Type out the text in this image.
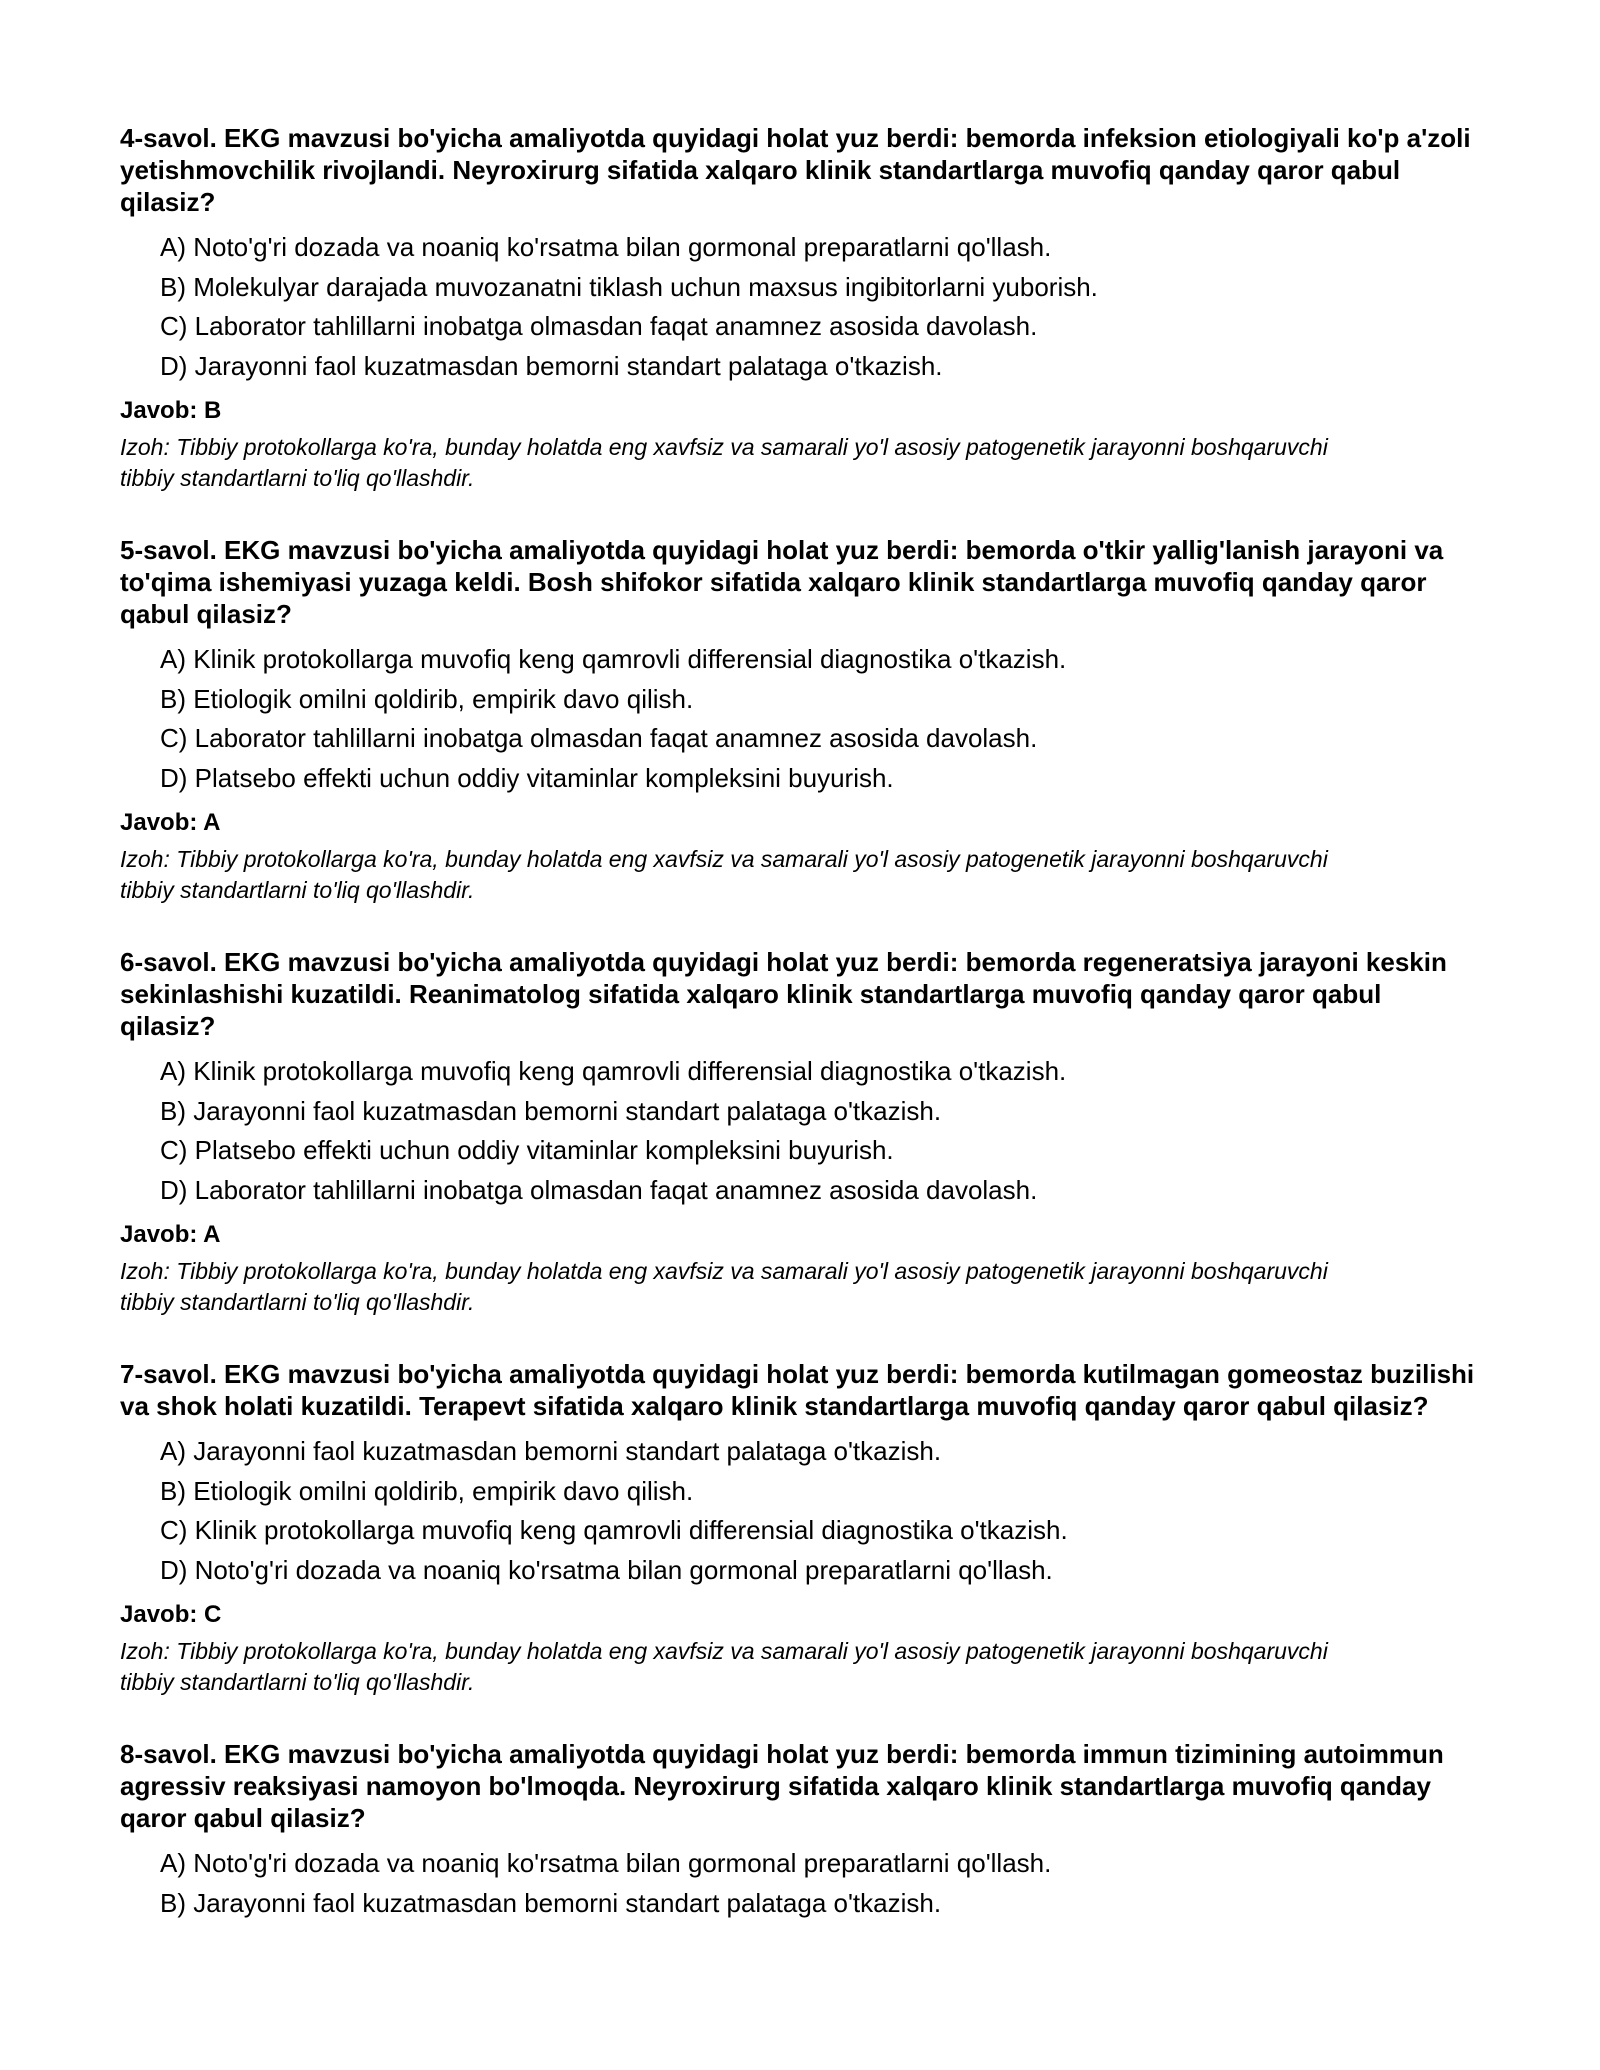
4-savol. EKG mavzusi bo'yicha amaliyotda quyidagi holat yuz berdi: bemorda infeksion etiologiyali ko'p a'zoli yetishmovchilik rivojlandi. Neyroxirurg sifatida xalqaro klinik standartlarga muvofiq qanday qaror qabul qilasiz?

A) Noto'g'ri dozada va noaniq ko'rsatma bilan gormonal preparatlarni qo'llash.
B) Molekulyar darajada muvozanatni tiklash uchun maxsus ingibitorlarni yuborish.
C) Laborator tahlillarni inobatga olmasdan faqat anamnez asosida davolash.
D) Jarayonni faol kuzatmasdan bemorni standart palataga o'tkazish.

Javob: B

Izoh: Tibbiy protokollarga ko'ra, bunday holatda eng xavfsiz va samarali yo'l asosiy patogenetik jarayonni boshqaruvchi tibbiy standartlarni to'liq qo'llashdir.

5-savol. EKG mavzusi bo'yicha amaliyotda quyidagi holat yuz berdi: bemorda o'tkir yallig'lanish jarayoni va to'qima ishemiyasi yuzaga keldi. Bosh shifokor sifatida xalqaro klinik standartlarga muvofiq qanday qaror qabul qilasiz?

A) Klinik protokollarga muvofiq keng qamrovli differensial diagnostika o'tkazish.
B) Etiologik omilni qoldirib, empirik davo qilish.
C) Laborator tahlillarni inobatga olmasdan faqat anamnez asosida davolash.
D) Platsebo effekti uchun oddiy vitaminlar kompleksini buyurish.

Javob: A

Izoh: Tibbiy protokollarga ko'ra, bunday holatda eng xavfsiz va samarali yo'l asosiy patogenetik jarayonni boshqaruvchi tibbiy standartlarni to'liq qo'llashdir.

6-savol. EKG mavzusi bo'yicha amaliyotda quyidagi holat yuz berdi: bemorda regeneratsiya jarayoni keskin sekinlashishi kuzatildi. Reanimatolog sifatida xalqaro klinik standartlarga muvofiq qanday qaror qabul qilasiz?

A) Klinik protokollarga muvofiq keng qamrovli differensial diagnostika o'tkazish.
B) Jarayonni faol kuzatmasdan bemorni standart palataga o'tkazish.
C) Platsebo effekti uchun oddiy vitaminlar kompleksini buyurish.
D) Laborator tahlillarni inobatga olmasdan faqat anamnez asosida davolash.

Javob: A

Izoh: Tibbiy protokollarga ko'ra, bunday holatda eng xavfsiz va samarali yo'l asosiy patogenetik jarayonni boshqaruvchi tibbiy standartlarni to'liq qo'llashdir.

7-savol. EKG mavzusi bo'yicha amaliyotda quyidagi holat yuz berdi: bemorda kutilmagan gomeostaz buzilishi va shok holati kuzatildi. Terapevt sifatida xalqaro klinik standartlarga muvofiq qanday qaror qabul qilasiz?

A) Jarayonni faol kuzatmasdan bemorni standart palataga o'tkazish.
B) Etiologik omilni qoldirib, empirik davo qilish.
C) Klinik protokollarga muvofiq keng qamrovli differensial diagnostika o'tkazish.
D) Noto'g'ri dozada va noaniq ko'rsatma bilan gormonal preparatlarni qo'llash.

Javob: C

Izoh: Tibbiy protokollarga ko'ra, bunday holatda eng xavfsiz va samarali yo'l asosiy patogenetik jarayonni boshqaruvchi tibbiy standartlarni to'liq qo'llashdir.

8-savol. EKG mavzusi bo'yicha amaliyotda quyidagi holat yuz berdi: bemorda immun tizimining autoimmun agressiv reaksiyasi namoyon bo'lmoqda. Neyroxirurg sifatida xalqaro klinik standartlarga muvofiq qanday qaror qabul qilasiz?

A) Noto'g'ri dozada va noaniq ko'rsatma bilan gormonal preparatlarni qo'llash.
B) Jarayonni faol kuzatmasdan bemorni standart palataga o'tkazish.
